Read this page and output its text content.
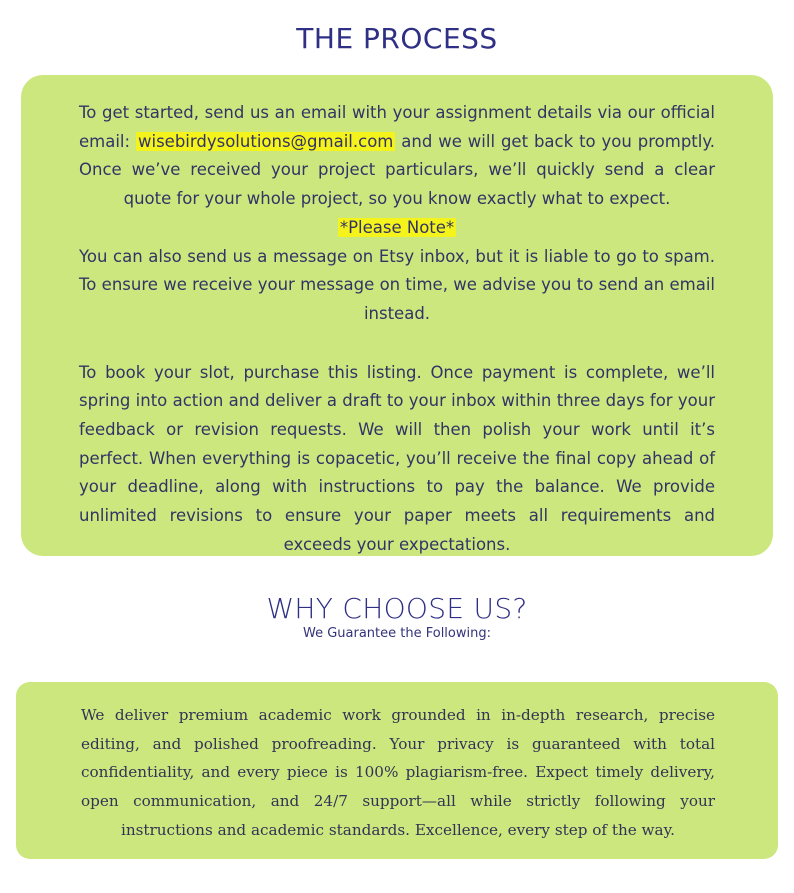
THE PROCESS

To get started, send us an email with your assignment details via our official email: wisebirdysolutions@gmail.com and we will get back to you promptly. Once we’ve received your project particulars, we’ll quickly send a clear quote for your whole project, so you know exactly what to expect.

*Please Note*

You can also send us a message on Etsy inbox, but it is liable to go to spam. To ensure we receive your message on time, we advise you to send an email instead.

To book your slot, purchase this listing. Once payment is complete, we’ll spring into action and deliver a draft to your inbox within three days for your feedback or revision requests. We will then polish your work until it’s perfect. When everything is copacetic, you’ll receive the final copy ahead of your deadline, along with instructions to pay the balance. We provide unlimited revisions to ensure your paper meets all requirements and exceeds your expectations.

WHY CHOOSE US?
We Guarantee the Following:

We deliver premium academic work grounded in in-depth research, precise editing, and polished proofreading. Your privacy is guaranteed with total confidentiality, and every piece is 100% plagiarism-free. Expect timely delivery, open communication, and 24/7 support—all while strictly following your instructions and academic standards. Excellence, every step of the way.
